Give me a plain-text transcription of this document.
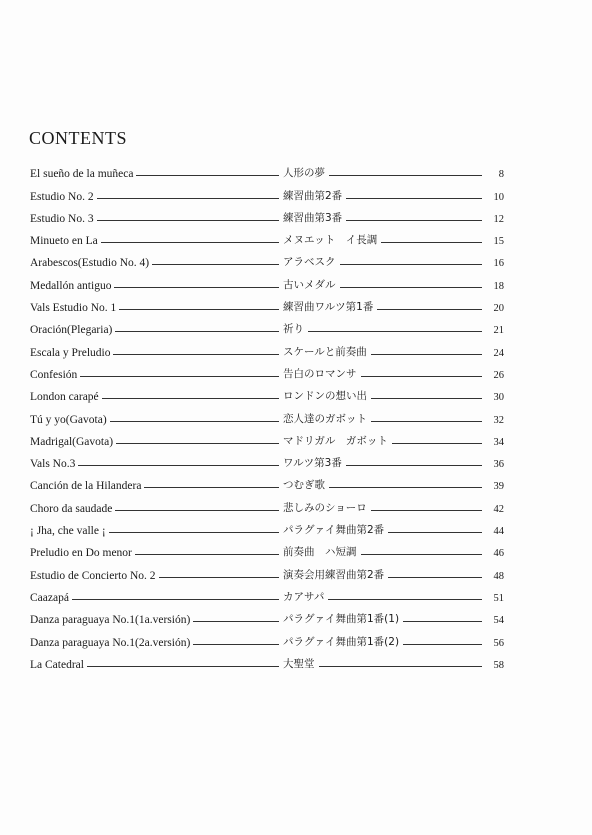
CONTENTS
El sueño de la muñeca	人形の夢	8
Estudio No. 2	練習曲第2番	10
Estudio No. 3	練習曲第3番	12
Minueto en La	メヌエット　イ長調	15
Arabescos(Estudio No. 4)	アラベスク	16
Medallón antiguo	古いメダル	18
Vals Estudio No. 1	練習曲ワルツ第1番	20
Oración(Plegaria)	祈り	21
Escala y Preludio	スケールと前奏曲	24
Confesión	告白のロマンサ	26
London carapé	ロンドンの想い出	30
Tú y yo(Gavota)	恋人達のガボット	32
Madrigal(Gavota)	マドリガル　ガボット	34
Vals No.3	ワルツ第3番	36
Canción de la Hilandera	つむぎ歌	39
Choro da saudade	悲しみのショーロ	42
¡ Jha, che valle ¡	パラグァイ舞曲第2番	44
Preludio en Do menor	前奏曲　ハ短調	46
Estudio de Concierto No. 2	演奏会用練習曲第2番	48
Caazapá	カアサパ	51
Danza paraguaya No.1(1a.versión)	パラグァイ舞曲第1番(1)	54
Danza paraguaya No.1(2a.versión)	パラグァイ舞曲第1番(2)	56
La Catedral	大聖堂	58
